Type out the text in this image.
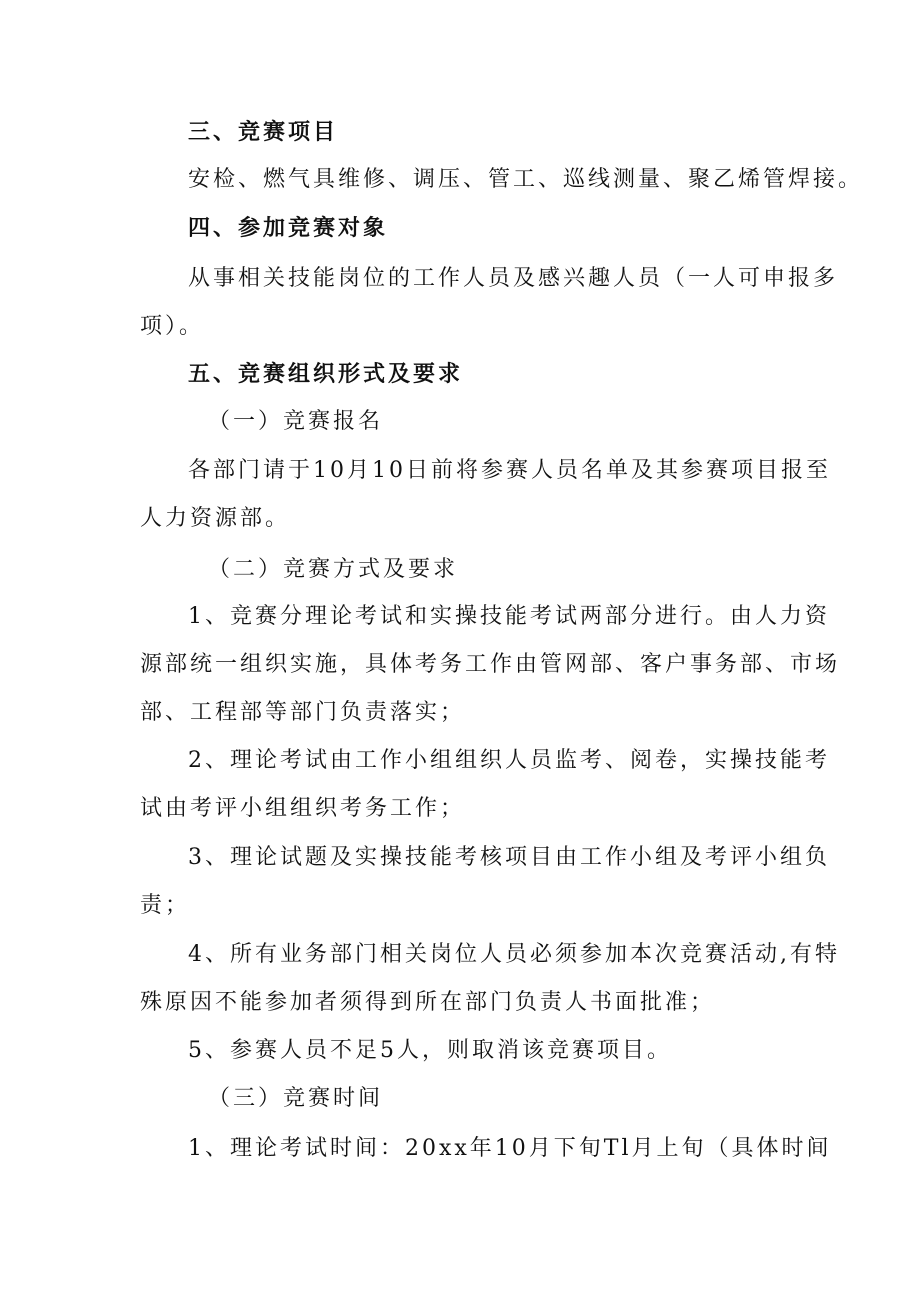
三、竞赛项目
安检、燃气具维修、调压、管工、巡线测量、聚乙烯管焊接。
四、参加竞赛对象
从事相关技能岗位的工作人员及感兴趣人员（一人可申报多
项）。
五、竞赛组织形式及要求
（一）竞赛报名
各部门请于10月10日前将参赛人员名单及其参赛项目报至
人力资源部。
（二）竞赛方式及要求
1、竞赛分理论考试和实操技能考试两部分进行。由人力资
源部统一组织实施，具体考务工作由管网部、客户事务部、市场
部、工程部等部门负责落实；
2、理论考试由工作小组组织人员监考、阅卷，实操技能考
试由考评小组组织考务工作；
3、理论试题及实操技能考核项目由工作小组及考评小组负
责；
4、所有业务部门相关岗位人员必须参加本次竞赛活动,有特
殊原因不能参加者须得到所在部门负责人书面批准；
5、参赛人员不足5人，则取消该竞赛项目。
（三）竞赛时间
1、理论考试时间：20xx年10月下旬Tl月上旬（具体时间
